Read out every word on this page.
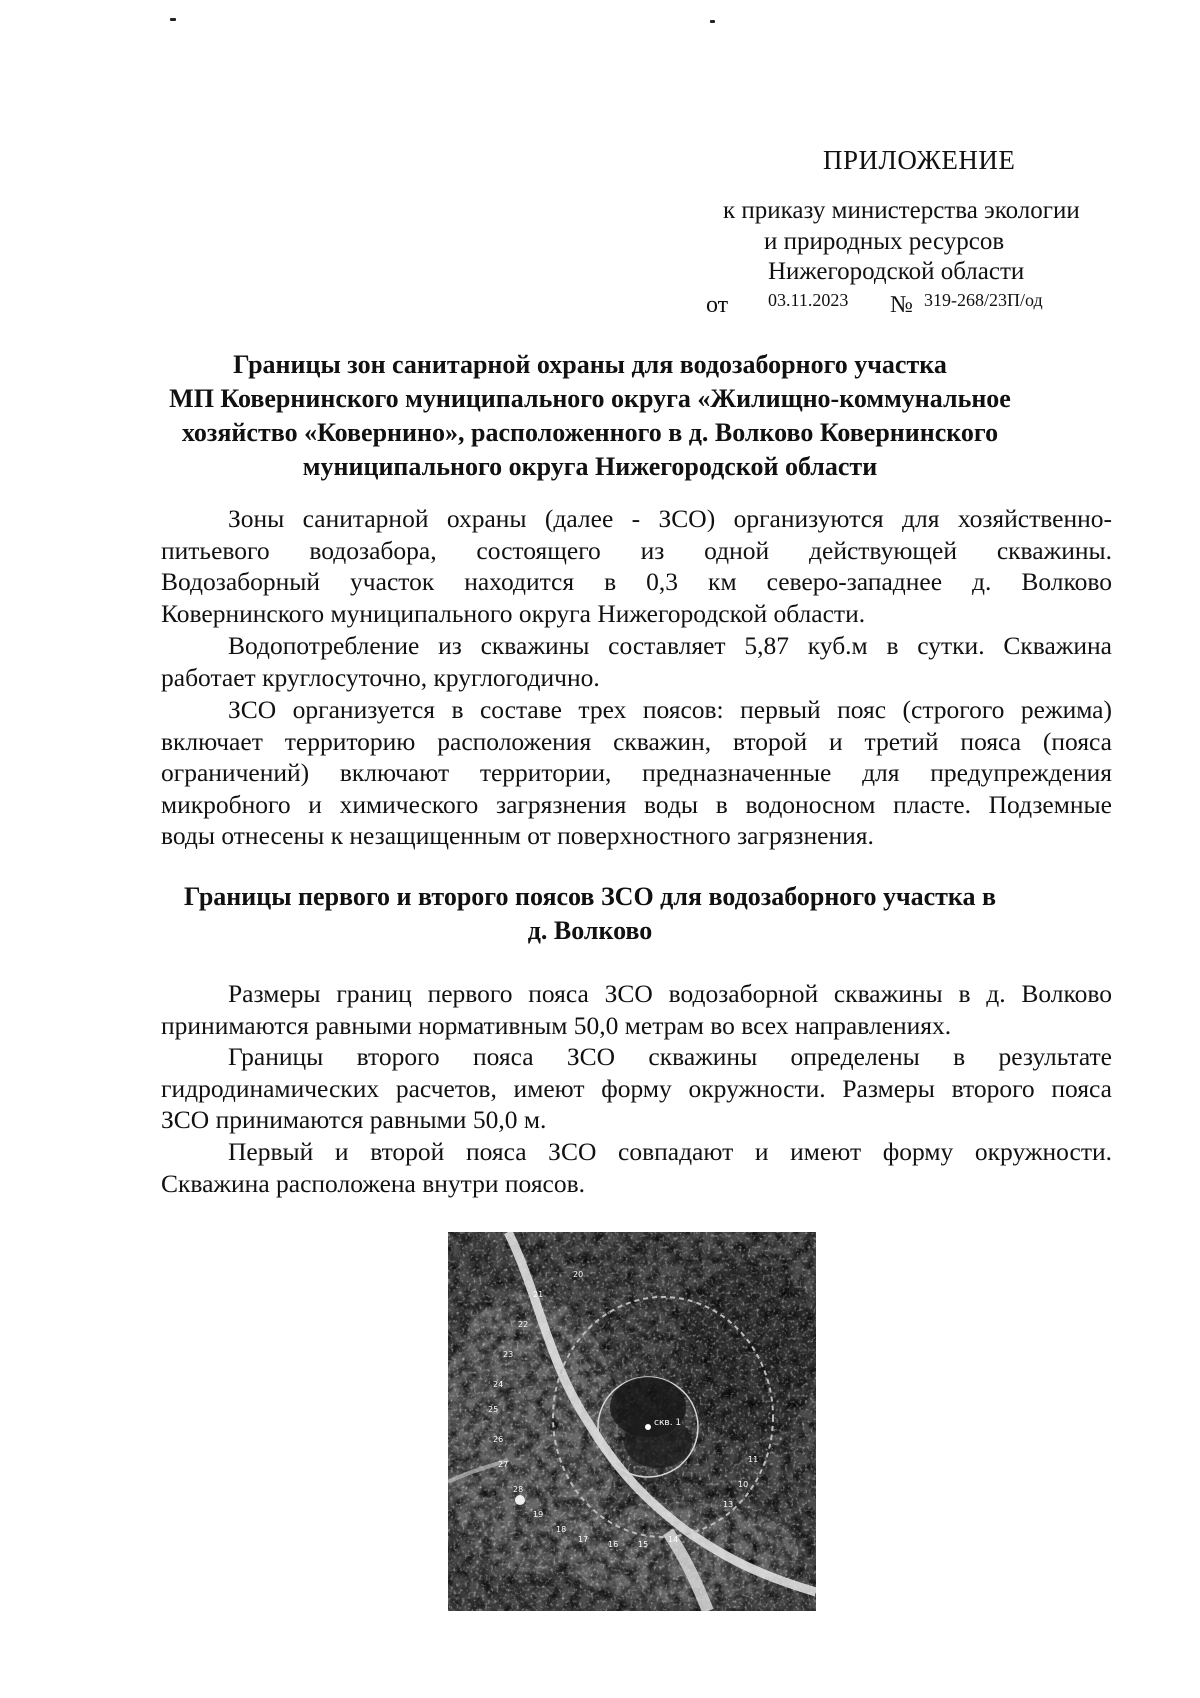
ПРИЛОЖЕНИЕ
к приказу министерства экологии
и природных ресурсов
Нижегородской области
от 03.11.2023 № 319-268/23П/од
Границы зон санитарной охраны для водозаборного участка
МП Ковернинского муниципального округа «Жилищно-коммунальное
хозяйство «Ковернино», расположенного в д. Волково Ковернинского
муниципального округа Нижегородской области
Зоны санитарной охраны (далее - ЗСО) организуются для хозяйственно-
питьевого водозабора, состоящего из одной действующей скважины.
Водозаборный участок находится в 0,3 км северо-западнее д. Волково
Ковернинского муниципального округа Нижегородской области.
Водопотребление из скважины составляет 5,87 куб.м в сутки. Скважина
работает круглосуточно, круглогодично.
ЗСО организуется в составе трех поясов: первый пояс (строгого режима)
включает территорию расположения скважин, второй и третий пояса (пояса
ограничений) включают территории, предназначенные для предупреждения
микробного и химического загрязнения воды в водоносном пласте. Подземные
воды отнесены к незащищенным от поверхностного загрязнения.
Границы первого и второго поясов ЗСО для водозаборного участка в
д. Волково
Размеры границ первого пояса ЗСО водозаборной скважины в д. Волково
принимаются равными нормативным 50,0 метрам во всех направлениях.
Границы второго пояса ЗСО скважины определены в результате
гидродинамических расчетов, имеют форму окружности. Размеры второго пояса
ЗСО принимаются равными 50,0 м.
Первый и второй пояса ЗСО совпадают и имеют форму окружности.
Скважина расположена внутри поясов.
скв. 1
20
21
22
23
24
25
26
27
28
19
18
17
16 15
14
13
11
10
